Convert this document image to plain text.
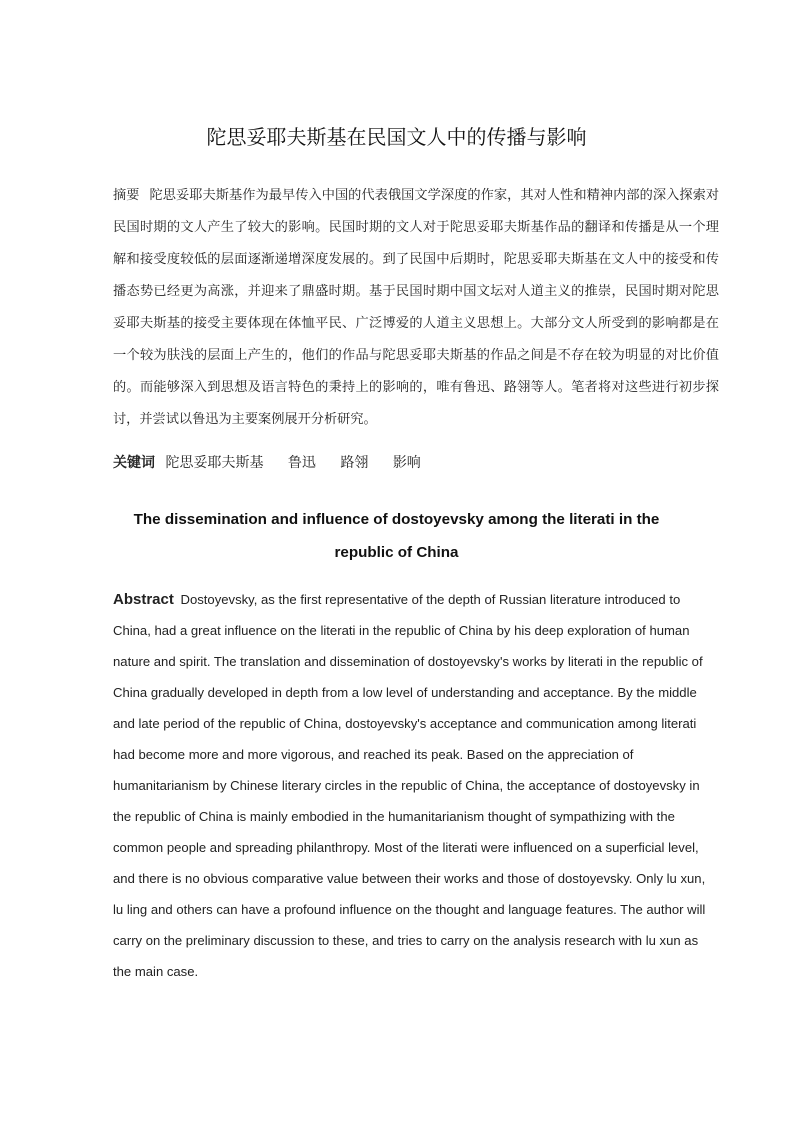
陀思妥耶夫斯基在民国文人中的传播与影响

摘要 陀思妥耶夫斯基作为最早传入中国的代表俄国文学深度的作家，其对人性和精神内部的深入探索对民国时期的文人产生了较大的影响。民国时期的文人对于陀思妥耶夫斯基作品的翻译和传播是从一个理解和接受度较低的层面逐渐递增深度发展的。到了民国中后期时，陀思妥耶夫斯基在文人中的接受和传播态势已经更为高涨，并迎来了鼎盛时期。基于民国时期中国文坛对人道主义的推崇，民国时期对陀思妥耶夫斯基的接受主要体现在体恤平民、广泛博爱的人道主义思想上。大部分文人所受到的影响都是在一个较为肤浅的层面上产生的，他们的作品与陀思妥耶夫斯基的作品之间是不存在较为明显的对比价值的。而能够深入到思想及语言特色的秉持上的影响的，唯有鲁迅、路翎等人。笔者将对这些进行初步探讨，并尝试以鲁迅为主要案例展开分析研究。

关键词 陀思妥耶夫斯基 鲁迅 路翎 影响

The dissemination and influence of dostoyevsky among the literati in the republic of China

Abstract Dostoyevsky, as the first representative of the depth of Russian literature introduced to China, had a great influence on the literati in the republic of China by his deep exploration of human nature and spirit. The translation and dissemination of dostoyevsky's works by literati in the republic of China gradually developed in depth from a low level of understanding and acceptance. By the middle and late period of the republic of China, dostoyevsky's acceptance and communication among literati had become more and more vigorous, and reached its peak. Based on the appreciation of humanitarianism by Chinese literary circles in the republic of China, the acceptance of dostoyevsky in the republic of China is mainly embodied in the humanitarianism thought of sympathizing with the common people and spreading philanthropy. Most of the literati were influenced on a superficial level, and there is no obvious comparative value between their works and those of dostoyevsky. Only lu xun, lu ling and others can have a profound influence on the thought and language features. The author will carry on the preliminary discussion to these, and tries to carry on the analysis research with lu xun as the main case.
